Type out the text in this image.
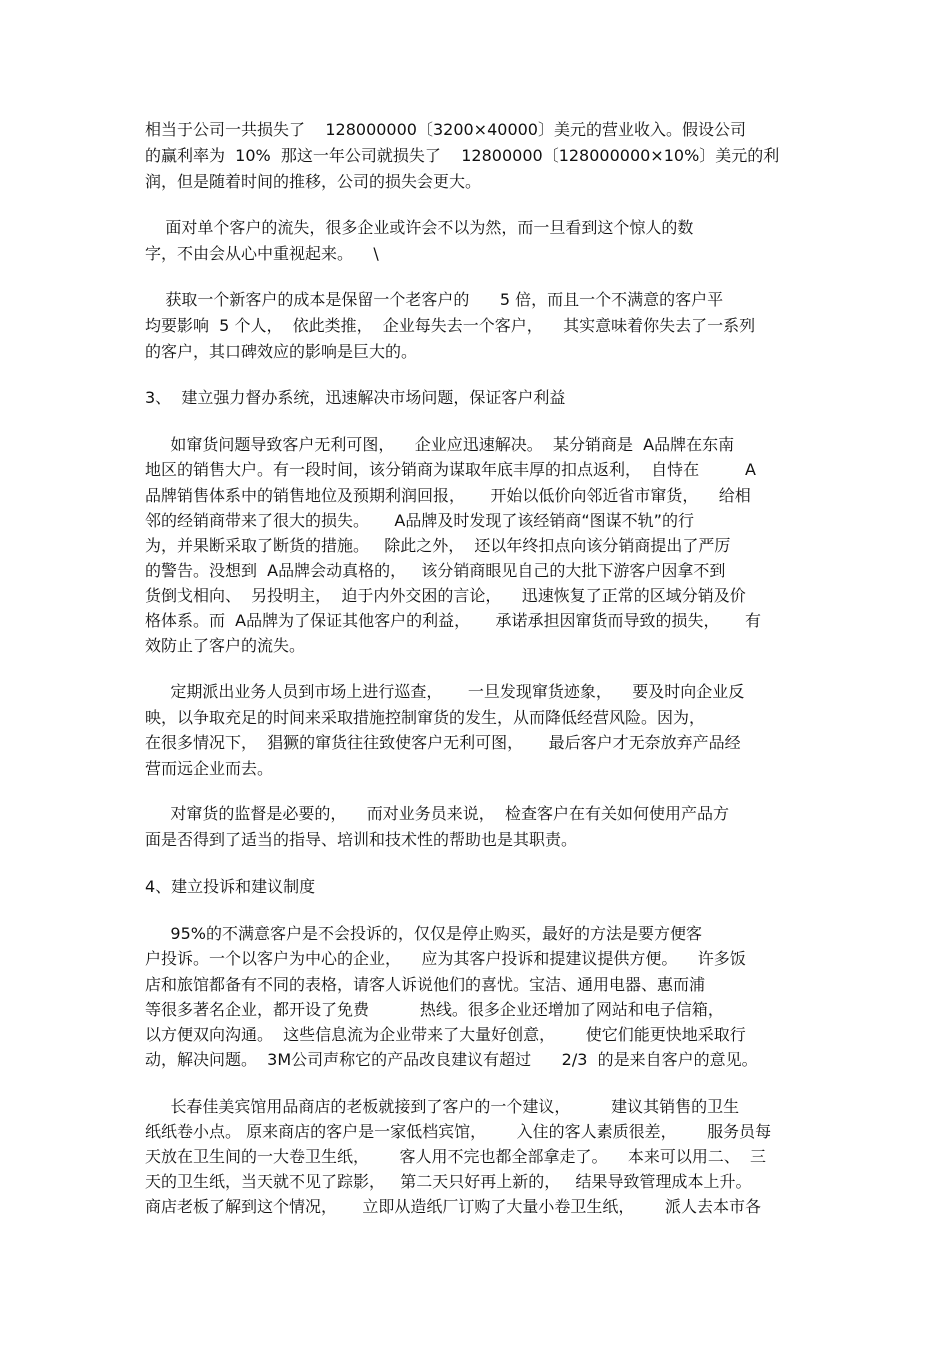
相当于公司一共损失了    128000000〔3200×40000〕美元的营业收入。假设公司
的赢利率为  10%  那这一年公司就损失了    12800000〔128000000×10%〕美元的利
润，但是随着时间的推移，公司的损失会更大。
面对单个客户的流失，很多企业或许会不以为然，而一旦看到这个惊人的数
字，不由会从心中重视起来。    \
获取一个新客户的成本是保留一个老客户的      5 倍，而且一个不满意的客户平
均要影响  5 个人，  依此类推，  企业每失去一个客户，    其实意味着你失去了一系列
的客户，其口碑效应的影响是巨大的。
3、  建立强力督办系统，迅速解决市场问题，保证客户利益
如窜货问题导致客户无利可图，    企业应迅速解决。  某分销商是  A品牌在东南
地区的销售大户。有一段时间，该分销商为谋取年底丰厚的扣点返利，  自恃在         A
品牌销售体系中的销售地位及预期利润回报，     开始以低价向邻近省市窜货，    给相
邻的经销商带来了很大的损失。     A品牌及时发现了该经销商“图谋不轨”的行
为，并果断采取了断货的措施。   除此之外，  还以年终扣点向该分销商提出了严厉
的警告。没想到  A品牌会动真格的，   该分销商眼见自己的大批下游客户因拿不到
货倒戈相向、  另投明主，  迫于内外交困的言论，    迅速恢复了正常的区域分销及价
格体系。而  A品牌为了保证其他客户的利益，     承诺承担因窜货而导致的损失，     有
效防止了客户的流失。
定期派出业务人员到市场上进行巡查，     一旦发现窜货迹象，    要及时向企业反
映，以争取充足的时间来采取措施控制窜货的发生，从而降低经营风险。因为，
在很多情况下，  猖獗的窜货往往致使客户无利可图，     最后客户才无奈放弃产品经
营而远企业而去。
对窜货的监督是必要的，    而对业务员来说，  检查客户在有关如何使用产品方
面是否得到了适当的指导、培训和技术性的帮助也是其职责。
4、建立投诉和建议制度
95%的不满意客户是不会投诉的，仅仅是停止购买，最好的方法是要方便客
户投诉。一个以客户为中心的企业，    应为其客户投诉和提建议提供方便。    许多饭
店和旅馆都备有不同的表格，请客人诉说他们的喜忧。宝洁、通用电器、惠而浦
等很多著名企业，都开设了免费          热线。很多企业还增加了网站和电子信箱，
以方便双向沟通。  这些信息流为企业带来了大量好创意，      使它们能更快地采取行
动，解决问题。  3M公司声称它的产品改良建议有超过      2/3  的是来自客户的意见。
长春佳美宾馆用品商店的老板就接到了客户的一个建议，        建议其销售的卫生
纸纸卷小点。 原来商店的客户是一家低档宾馆，      入住的客人素质很差，      服务员每
天放在卫生间的一大卷卫生纸，      客人用不完也都全部拿走了。    本来可以用二、  三
天的卫生纸，当天就不见了踪影，   第二天只好再上新的，   结果导致管理成本上升。
商店老板了解到这个情况，     立即从造纸厂订购了大量小卷卫生纸，      派人去本市各
